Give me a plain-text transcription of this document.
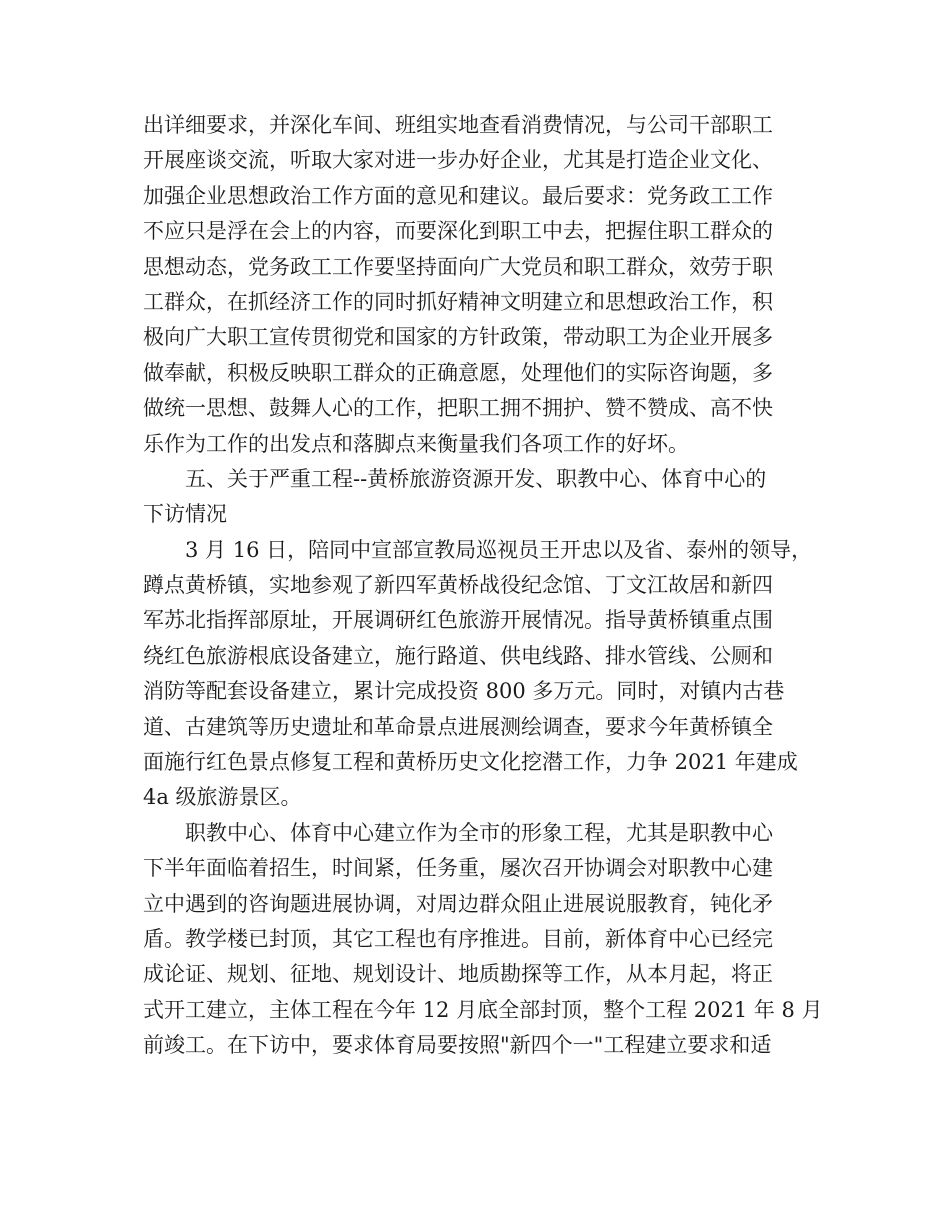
出详细要求，并深化车间、班组实地查看消费情况，与公司干部职工
开展座谈交流，听取大家对进一步办好企业，尤其是打造企业文化、
加强企业思想政治工作方面的意见和建议。最后要求：党务政工工作
不应只是浮在会上的内容，而要深化到职工中去，把握住职工群众的
思想动态，党务政工工作要坚持面向广大党员和职工群众，效劳于职
工群众，在抓经济工作的同时抓好精神文明建立和思想政治工作，积
极向广大职工宣传贯彻党和国家的方针政策，带动职工为企业开展多
做奉献，积极反映职工群众的正确意愿，处理他们的实际咨询题，多
做统一思想、鼓舞人心的工作，把职工拥不拥护、赞不赞成、高不快
乐作为工作的出发点和落脚点来衡量我们各项工作的好坏。
五、关于严重工程--黄桥旅游资源开发、职教中心、体育中心的
下访情况
3 月 16 日，陪同中宣部宣教局巡视员王开忠以及省、泰州的领导，
蹲点黄桥镇，实地参观了新四军黄桥战役纪念馆、丁文江故居和新四
军苏北指挥部原址，开展调研红色旅游开展情况。指导黄桥镇重点围
绕红色旅游根底设备建立，施行路道、供电线路、排水管线、公厕和
消防等配套设备建立，累计完成投资 800 多万元。同时，对镇内古巷
道、古建筑等历史遗址和革命景点进展测绘调查，要求今年黄桥镇全
面施行红色景点修复工程和黄桥历史文化挖潜工作，力争 2021 年建成
4a 级旅游景区。
职教中心、体育中心建立作为全市的形象工程，尤其是职教中心
下半年面临着招生，时间紧，任务重，屡次召开协调会对职教中心建
立中遇到的咨询题进展协调，对周边群众阻止进展说服教育，钝化矛
盾。教学楼已封顶，其它工程也有序推进。目前，新体育中心已经完
成论证、规划、征地、规划设计、地质勘探等工作，从本月起，将正
式开工建立，主体工程在今年 12 月底全部封顶，整个工程 2021 年 8 月
前竣工。在下访中，要求体育局要按照"新四个一"工程建立要求和适
